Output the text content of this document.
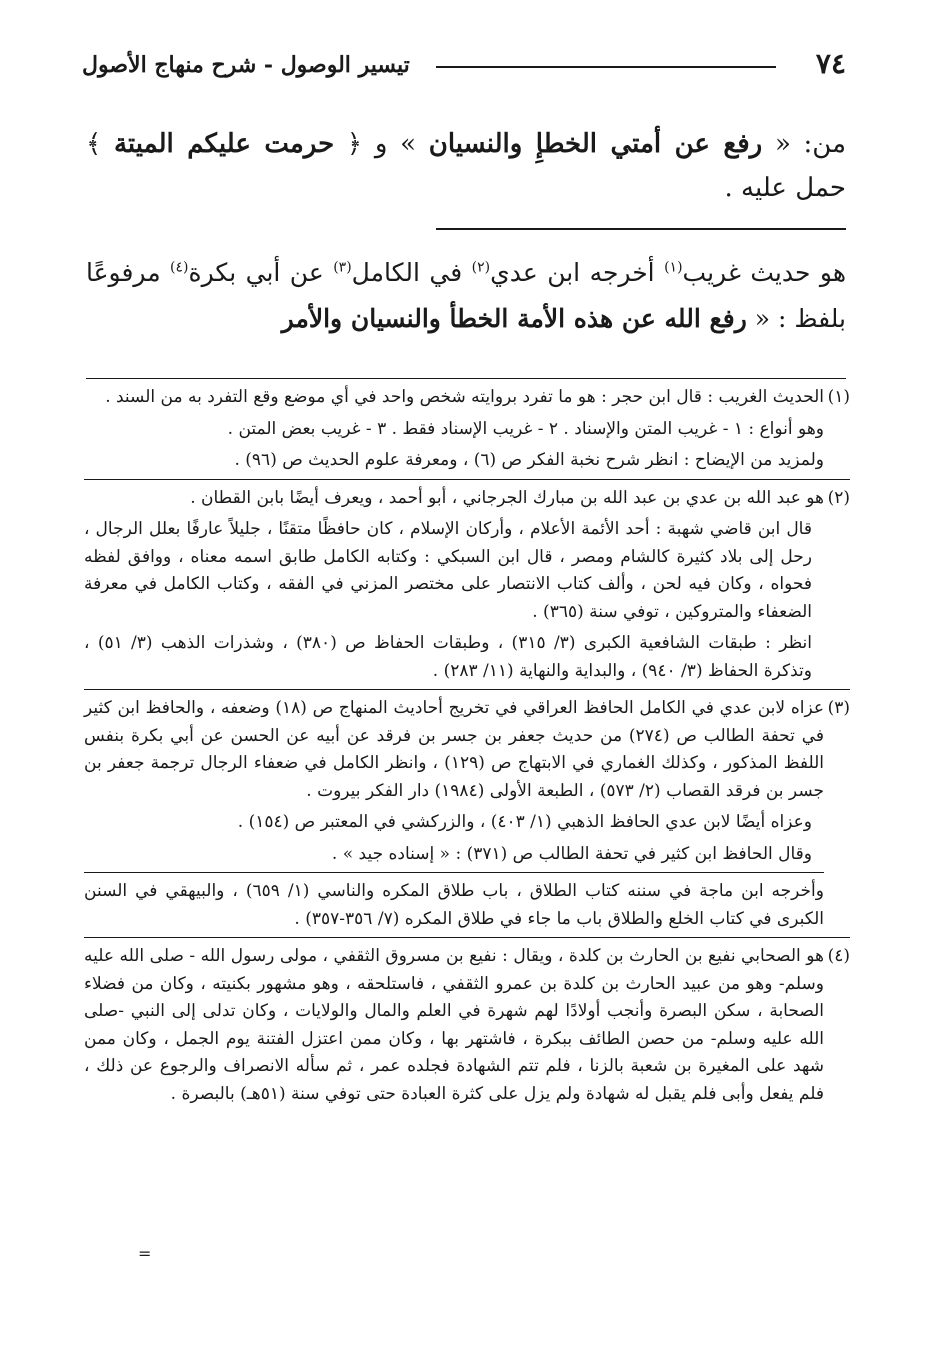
٧٤
تيسير الوصول - شرح منهاج الأصول
من: « رفع عن أمتي الخطإِ والنسيان » و ﴿ حرمت عليكم الميتة ﴾ حمل عليه .
هو حديث غريب$^{(١)}$ أخرجه ابن عدي$^{(٢)}$ في الكامل$^{(٣)}$ عن أبي بكرة$^{(٤)}$ مرفوعًا بلفظ : « رفع الله عن هذه الأمة الخطأ والنسيان والأمر
(١)

الحديث الغريب : قال ابن حجر : هو ما تفرد بروايته شخص واحد في أي موضع وقع التفرد به من السند .

وهو أنواع : ١ - غريب المتن والإسناد . ٢ - غريب الإسناد فقط . ٣ - غريب بعض المتن .

ولمزيد من الإيضاح : انظر شرح نخبة الفكر ص (٦) ، ومعرفة علوم الحديث ص (٩٦) .

(٢)

هو عبد الله بن عدي بن عبد الله بن مبارك الجرجاني ، أبو أحمد ، ويعرف أيضًا بابن القطان .

قال ابن قاضي شهبة : أحد الأئمة الأعلام ، وأركان الإسلام ، كان حافظًا متقنًا ، جليلاً عارفًا بعلل الرجال ، رحل إلى بلاد كثيرة كالشام ومصر ، قال ابن السبكي : وكتابه الكامل طابق اسمه معناه ، ووافق لفظه فحواه ، وكان فيه لحن ، وألف كتاب الانتصار على مختصر المزني في الفقه ، وكتاب الكامل في معرفة الضعفاء والمتروكين ، توفي سنة (٣٦٥) .

انظر : طبقات الشافعية الكبرى (٣/ ٣١٥) ، وطبقات الحفاظ ص (٣٨٠) ، وشذرات الذهب (٣/ ٥١) ، وتذكرة الحفاظ (٣/ ٩٤٠) ، والبداية والنهاية (١١/ ٢٨٣) .

(٣)

عزاه لابن عدي في الكامل الحافظ العراقي في تخريج أحاديث المنهاج ص (١٨) وضعفه ، والحافظ ابن كثير في تحفة الطالب ص (٢٧٤) من حديث جعفر بن جسر بن فرقد عن أبيه عن الحسن عن أبي بكرة بنفس اللفظ المذكور ، وكذلك الغماري في الابتهاج ص (١٢٩) ، وانظر الكامل في ضعفاء الرجال ترجمة جعفر بن جسر بن فرقد القصاب (٢/ ٥٧٣) ، الطبعة الأولى (١٩٨٤) دار الفكر بيروت .

وعزاه أيضًا لابن عدي الحافظ الذهبي (١/ ٤٠٣) ، والزركشي في المعتبر ص (١٥٤) .

وقال الحافظ ابن كثير في تحفة الطالب ص (٣٧١) : « إسناده جيد » .

وأخرجه ابن ماجة في سننه كتاب الطلاق ، باب طلاق المكره والناسي (١/ ٦٥٩) ، والبيهقي في السنن الكبرى في كتاب الخلع والطلاق باب ما جاء في طلاق المكره (٧/ ٣٥٦-٣٥٧) .

(٤)

هو الصحابي نفيع بن الحارث بن كلدة ، ويقال : نفيع بن مسروق الثقفي ، مولى رسول الله - صلى الله عليه وسلم- وهو من عبيد الحارث بن كلدة بن عمرو الثقفي ، فاستلحقه ، وهو مشهور بكنيته ، وكان من فضلاء الصحابة ، سكن البصرة وأنجب أولادًا لهم شهرة في العلم والمال والولايات ، وكان تدلى إلى النبي -صلى الله عليه وسلم- من حصن الطائف ببكرة ، فاشتهر بها ، وكان ممن اعتزل الفتنة يوم الجمل ، وكان ممن شهد على المغيرة بن شعبة بالزنا ، فلم تتم الشهادة فجلده عمر ، ثم سأله الانصراف والرجوع عن ذلك ، فلم يفعل وأبى فلم يقبل له شهادة ولم يزل على كثرة العبادة حتى توفي سنة (٥١هـ) بالبصرة .

=
